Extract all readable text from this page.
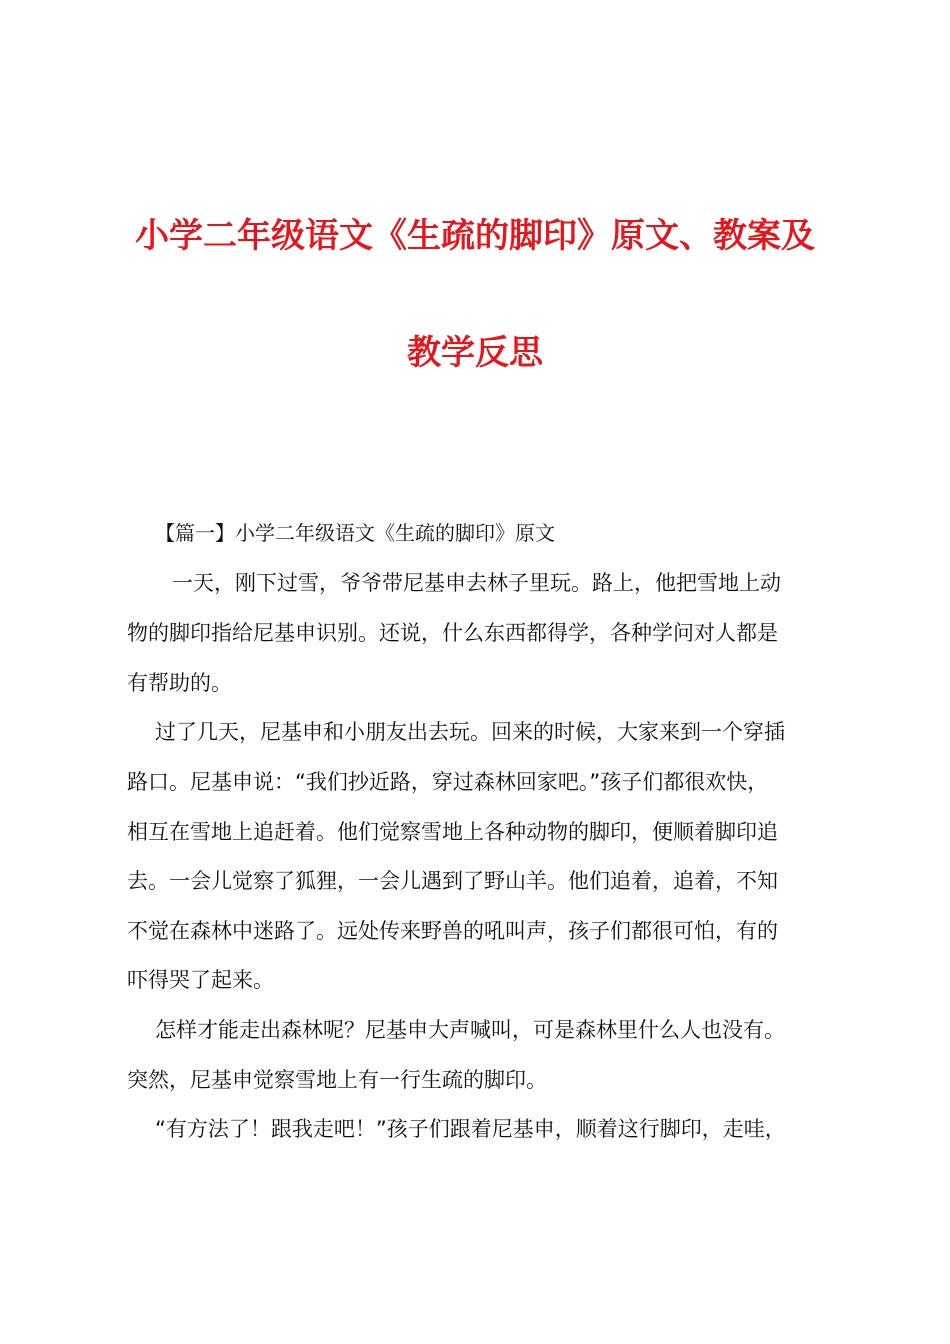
小学二年级语文《生疏的脚印》原文、教案及
教学反思

【篇一】小学二年级语文《生疏的脚印》原文

一天，刚下过雪，爷爷带尼基申去林子里玩。路上，他把雪地上动

物的脚印指给尼基申识别。还说，什么东西都得学，各种学问对人都是

有帮助的。

过了几天，尼基申和小朋友出去玩。回来的时候，大家来到一个穿插

路口。尼基申说：“我们抄近路，穿过森林回家吧。”孩子们都很欢快，

相互在雪地上追赶着。他们觉察雪地上各种动物的脚印，便顺着脚印追

去。一会儿觉察了狐狸，一会儿遇到了野山羊。他们追着，追着，不知

不觉在森林中迷路了。远处传来野兽的吼叫声，孩子们都很可怕，有的

吓得哭了起来。

怎样才能走出森林呢？尼基申大声喊叫，可是森林里什么人也没有。

突然，尼基申觉察雪地上有一行生疏的脚印。

“有方法了！跟我走吧！”孩子们跟着尼基申，顺着这行脚印，走哇，
